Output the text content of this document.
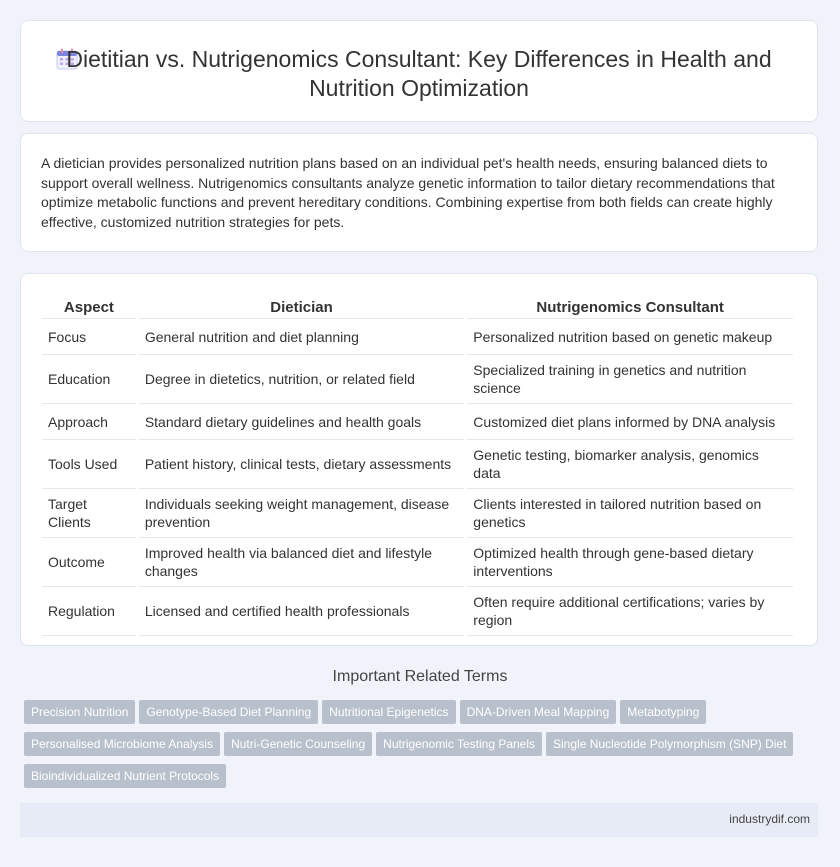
Dietitian vs. Nutrigenomics Consultant: Key Differences in Health and Nutrition Optimization

A dietician provides personalized nutrition plans based on an individual pet's health needs, ensuring balanced diets to support overall wellness. Nutrigenomics consultants analyze genetic information to tailor dietary recommendations that optimize metabolic functions and prevent hereditary conditions. Combining expertise from both fields can create highly effective, customized nutrition strategies for pets.

Aspect	Dietician	Nutrigenomics Consultant
Focus	General nutrition and diet planning	Personalized nutrition based on genetic makeup
Education	Degree in dietetics, nutrition, or related field	Specialized training in genetics and nutrition science
Approach	Standard dietary guidelines and health goals	Customized diet plans informed by DNA analysis
Tools Used	Patient history, clinical tests, dietary assessments	Genetic testing, biomarker analysis, genomics data
Target Clients	Individuals seeking weight management, disease prevention	Clients interested in tailored nutrition based on genetics
Outcome	Improved health via balanced diet and lifestyle changes	Optimized health through gene-based dietary interventions
Regulation	Licensed and certified health professionals	Often require additional certifications; varies by region
Important Related Terms
Precision Nutrition Genotype-Based Diet Planning Nutritional Epigenetics DNA-Driven Meal Mapping Metabotyping
Personalised Microbiome Analysis Nutri-Genetic Counseling Nutrigenomic Testing Panels Single Nucleotide Polymorphism (SNP) Diet
Bioindividualized Nutrient Protocols
industrydif.com
